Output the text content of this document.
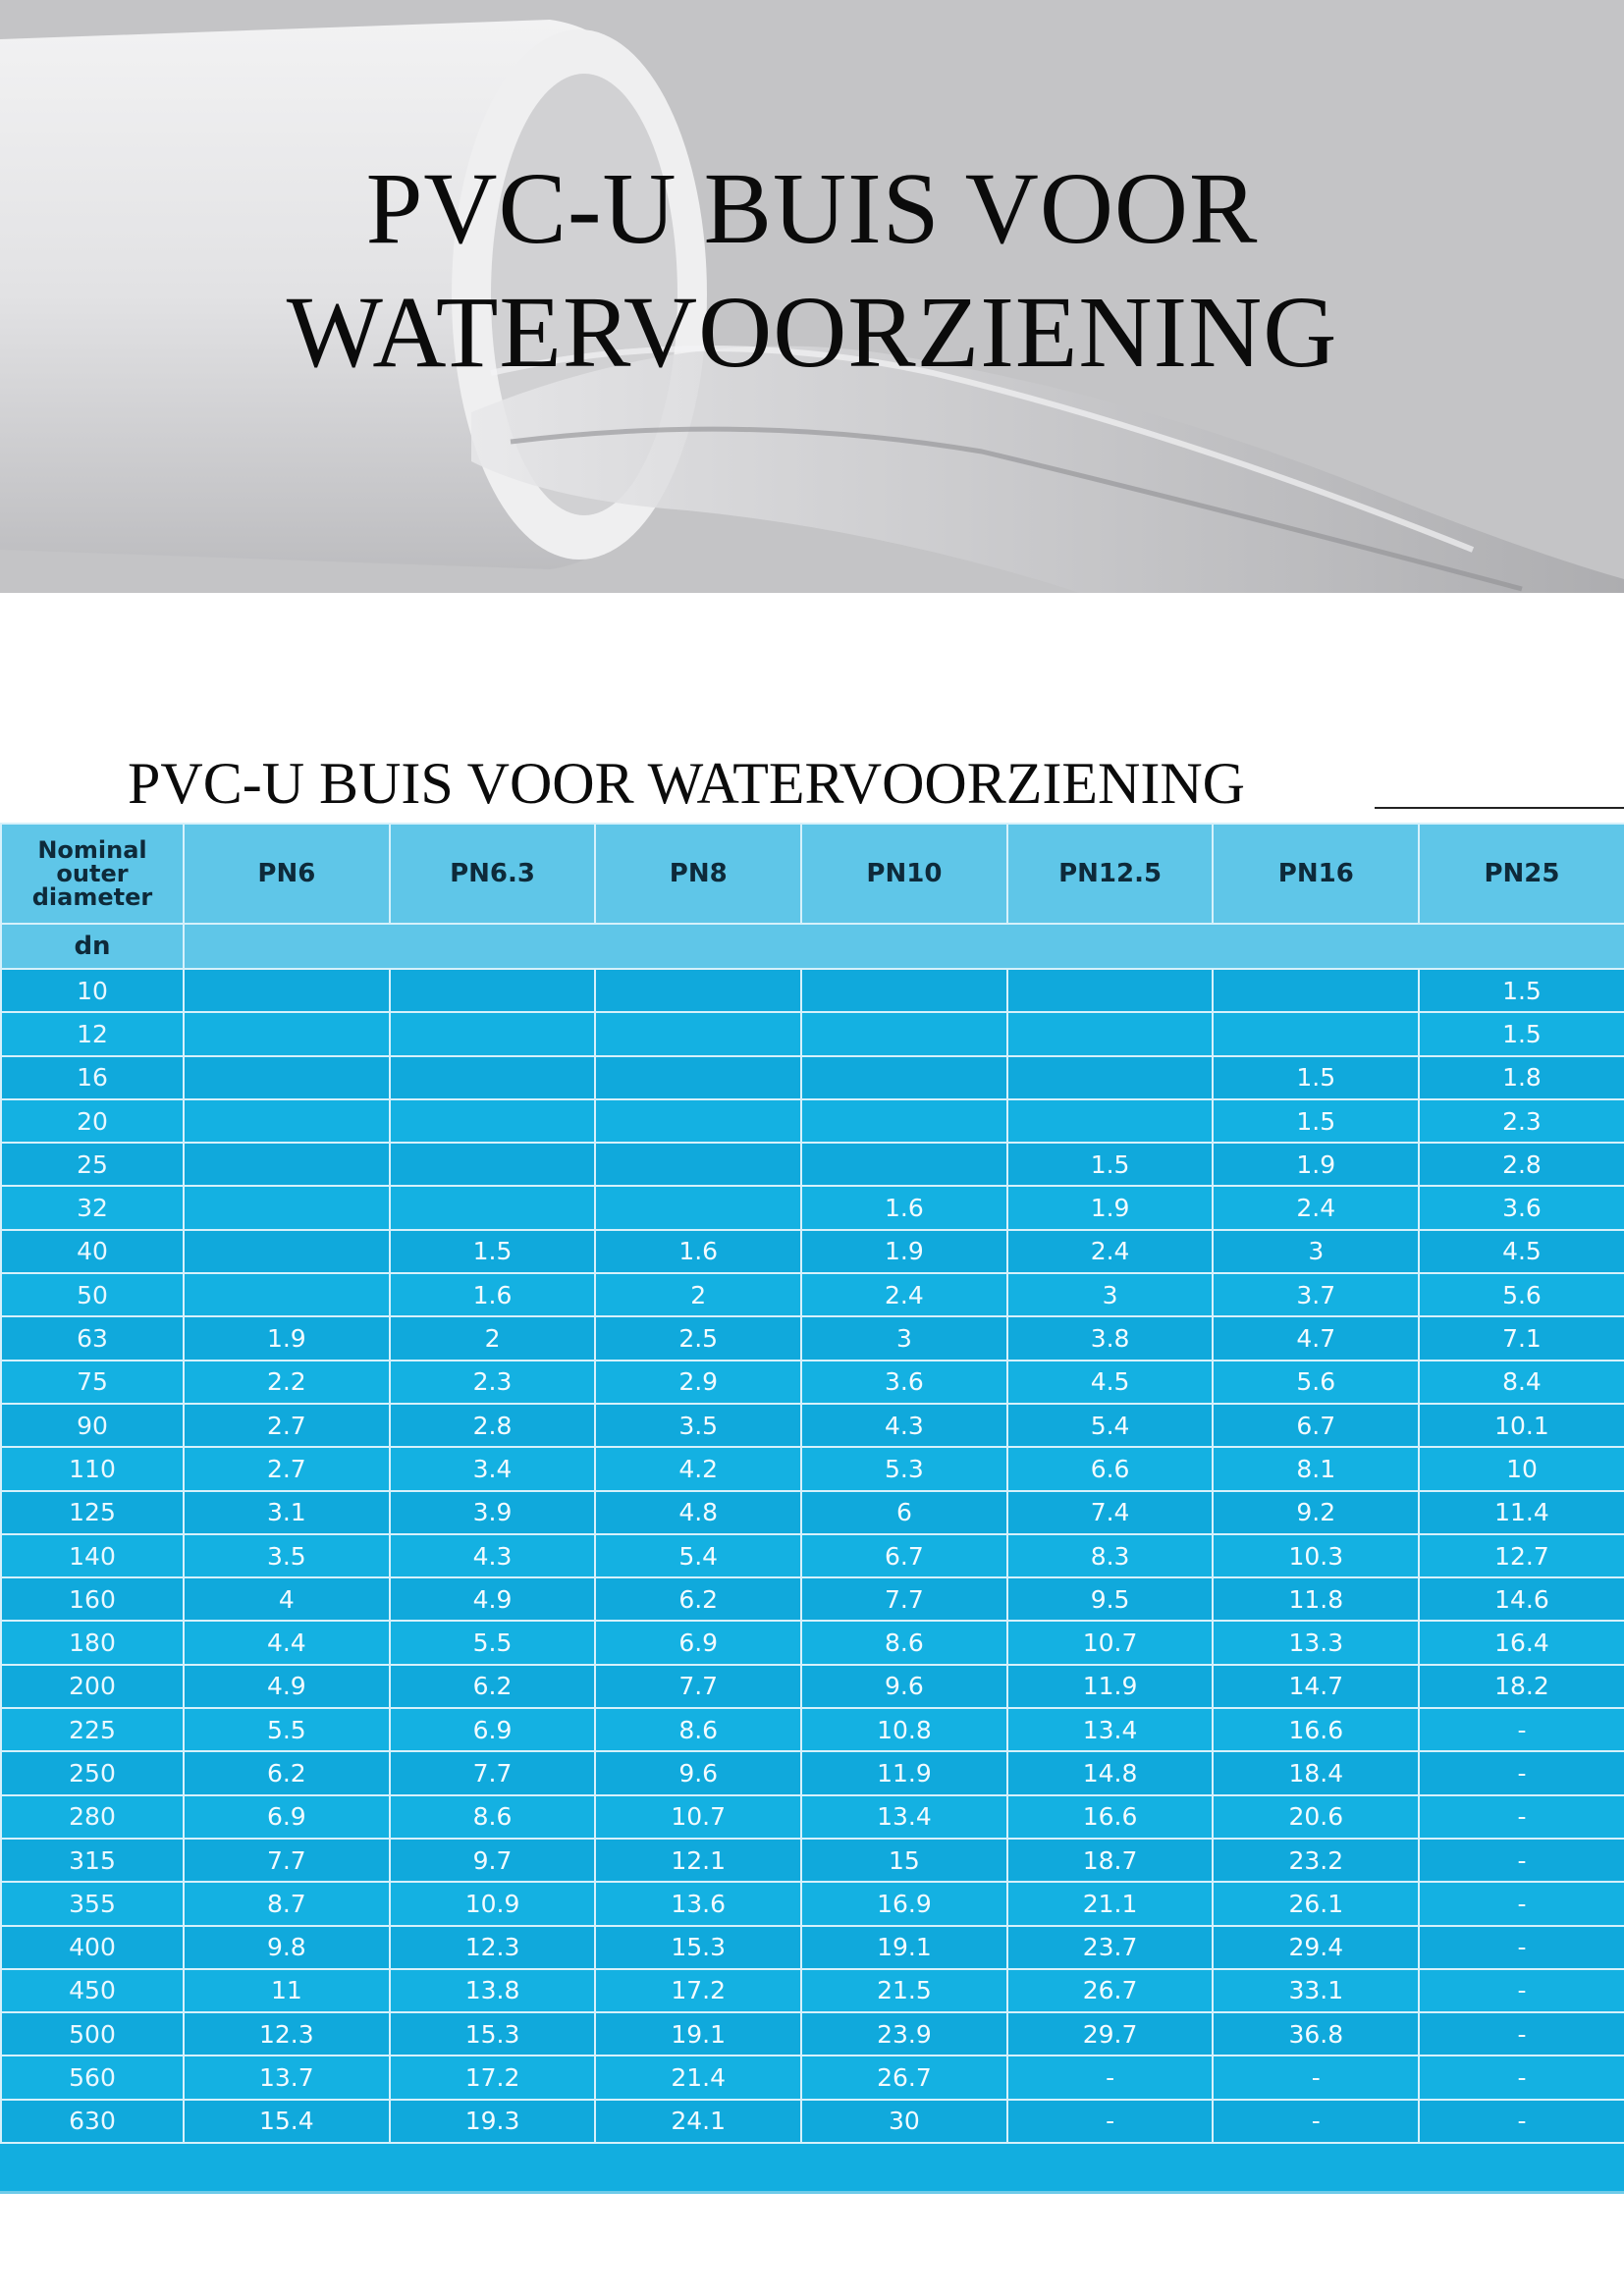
PVC-U BUIS VOOR
WATERVOORZIENING
PVC-U BUIS VOOR WATERVOORZIENING
Nominal outer diameter	PN6	PN6.3	PN8	PN10	PN12.5	PN16	PN25
dn							
10							1.5
12							1.5
16						1.5	1.8
20						1.5	2.3
25					1.5	1.9	2.8
32				1.6	1.9	2.4	3.6
40		1.5	1.6	1.9	2.4	3	4.5
50		1.6	2	2.4	3	3.7	5.6
63	1.9	2	2.5	3	3.8	4.7	7.1
75	2.2	2.3	2.9	3.6	4.5	5.6	8.4
90	2.7	2.8	3.5	4.3	5.4	6.7	10.1
110	2.7	3.4	4.2	5.3	6.6	8.1	10
125	3.1	3.9	4.8	6	7.4	9.2	11.4
140	3.5	4.3	5.4	6.7	8.3	10.3	12.7
160	4	4.9	6.2	7.7	9.5	11.8	14.6
180	4.4	5.5	6.9	8.6	10.7	13.3	16.4
200	4.9	6.2	7.7	9.6	11.9	14.7	18.2
225	5.5	6.9	8.6	10.8	13.4	16.6	-
250	6.2	7.7	9.6	11.9	14.8	18.4	-
280	6.9	8.6	10.7	13.4	16.6	20.6	-
315	7.7	9.7	12.1	15	18.7	23.2	-
355	8.7	10.9	13.6	16.9	21.1	26.1	-
400	9.8	12.3	15.3	19.1	23.7	29.4	-
450	11	13.8	17.2	21.5	26.7	33.1	-
500	12.3	15.3	19.1	23.9	29.7	36.8	-
560	13.7	17.2	21.4	26.7	-	-	-
630	15.4	19.3	24.1	30	-	-	-
